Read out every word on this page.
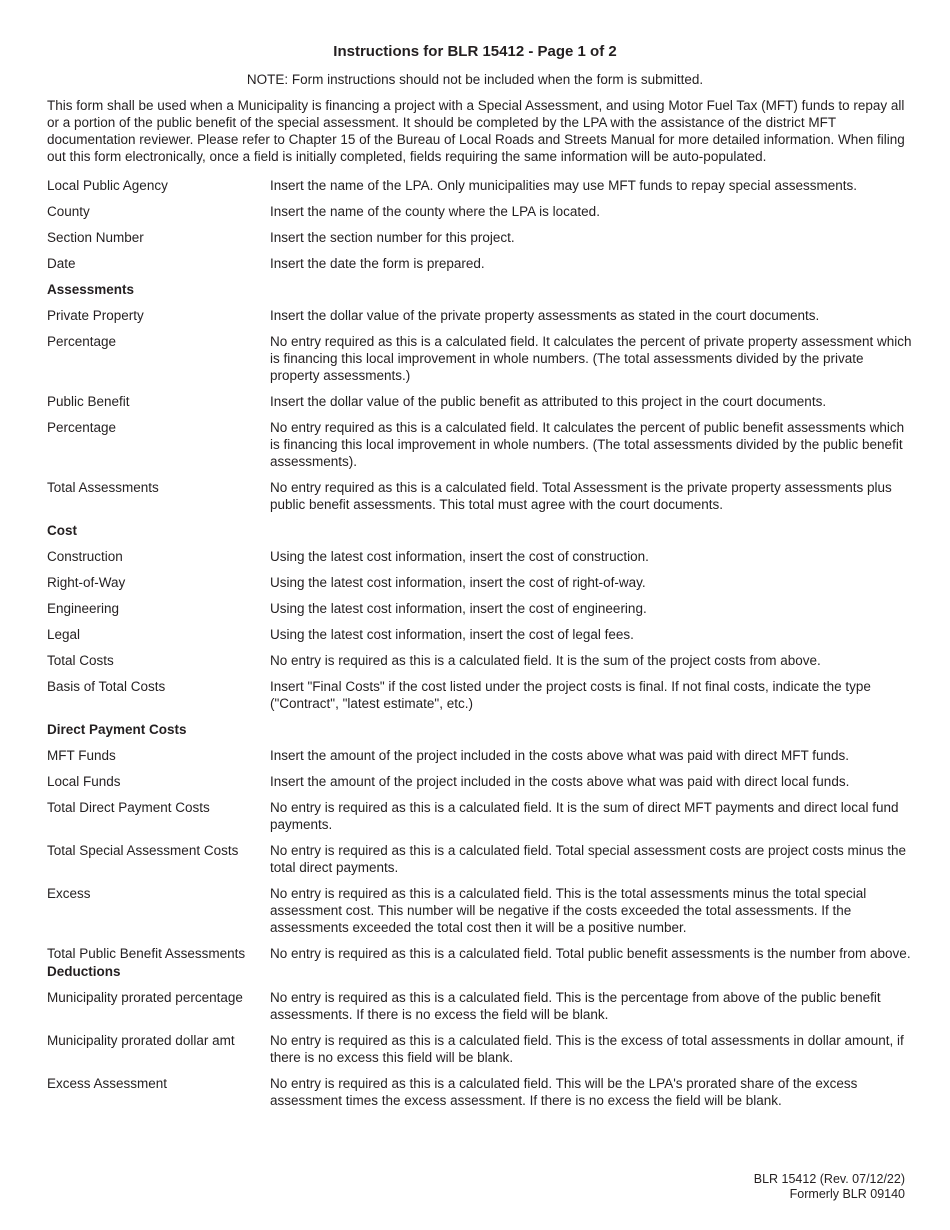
Instructions for BLR 15412 - Page 1 of 2
NOTE: Form instructions should not be included when the form is submitted.
This form shall be used when a Municipality is financing a project with a Special Assessment, and using Motor Fuel Tax (MFT) funds to repay all or a portion of the public benefit of the special assessment. It should be completed by the LPA with the assistance of the district MFT documentation reviewer. Please refer to Chapter 15 of the Bureau of Local Roads and Streets Manual for more detailed information. When filing out this form electronically, once a field is initially completed, fields requiring the same information will be auto-populated.
Local Public Agency	Insert the name of the LPA. Only municipalities may use MFT funds to repay special assessments.
County	Insert the name of the county where the LPA is located.
Section Number	Insert the section number for this project.
Date	Insert the date the form is prepared.
Assessments
Private Property	Insert the dollar value of the private property assessments as stated in the court documents.
Percentage	No entry required as this is a calculated field. It calculates the percent of private property assessment which is financing this local improvement in whole numbers. (The total assessments divided by the private property assessments.)
Public Benefit	Insert the dollar value of the public benefit as attributed to this project in the court documents.
Percentage	No entry required as this is a calculated field. It calculates the percent of public benefit assessments which is financing this local improvement in whole numbers. (The total assessments divided by the public benefit assessments).
Total Assessments	No entry required as this is a calculated field. Total Assessment is the private property assessments plus public benefit assessments. This total must agree with the court documents.
Cost
Construction	Using the latest cost information, insert the cost of construction.
Right-of-Way	Using the latest cost information, insert the cost of right-of-way.
Engineering	Using the latest cost information, insert the cost of engineering.
Legal	Using the latest cost information, insert the cost of legal fees.
Total Costs	No entry is required as this is a calculated field. It is the sum of the project costs from above.
Basis of Total Costs	Insert "Final Costs" if the cost listed under the project costs is final. If not final costs, indicate the type ("Contract", "latest estimate", etc.)
Direct Payment Costs
MFT Funds	Insert the amount of the project included in the costs above what was paid with direct MFT funds.
Local Funds	Insert the amount of the project included in the costs above what was paid with direct local funds.
Total Direct Payment Costs	No entry is required as this is a calculated field. It is the sum of direct MFT payments and direct local fund payments.
Total Special Assessment Costs	No entry is required as this is a calculated field. Total special assessment costs are project costs minus the total direct payments.
Excess	No entry is required as this is a calculated field. This is the total assessments minus the total special assessment cost. This number will be negative if the costs exceeded the total assessments. If the assessments exceeded the total cost then it will be a positive number.
Total Public Benefit Assessments	No entry is required as this is a calculated field. Total public benefit assessments is the number from above.
Deductions
Municipality prorated percentage	No entry is required as this is a calculated field. This is the percentage from above of the public benefit assessments. If there is no excess the field will be blank.
Municipality prorated dollar amt	No entry is required as this is a calculated field. This is the excess of total assessments in dollar amount, if there is no excess this field will be blank.
Excess Assessment	No entry is required as this is a calculated field. This will be the LPA's prorated share of the excess assessment times the excess assessment. If there is no excess the field will be blank.
BLR 15412 (Rev. 07/12/22)
Formerly BLR 09140
